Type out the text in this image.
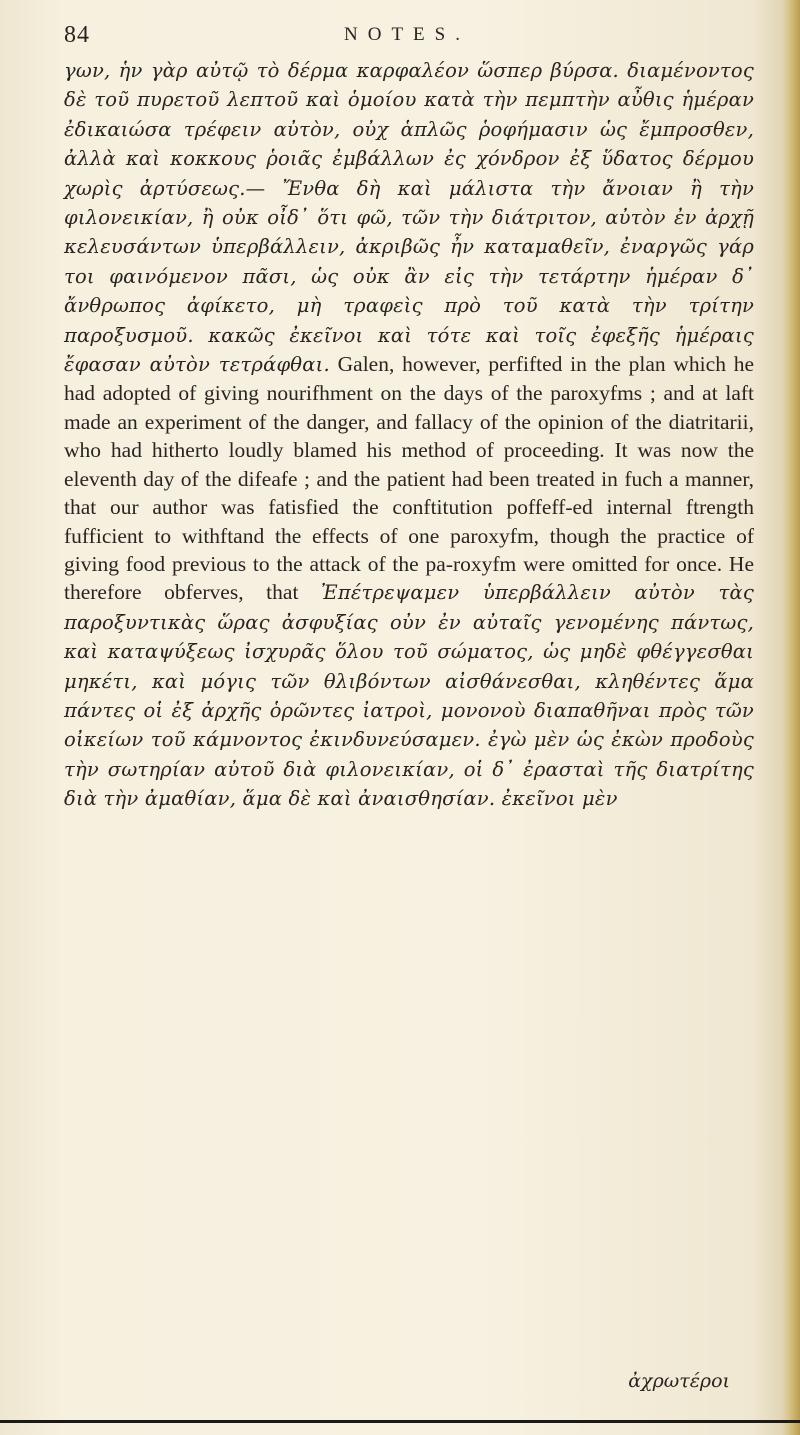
84	NOTES.
γων, ἡν γὰρ αὐτῷ τὸ δέρμα καρφαλέον ὥσπερ βύρσα. διαμένοντος δὲ τοῦ πυρετοῦ λεπτοῦ καὶ ὁμοίου κατὰ τὴν πεμπτὴν αὖθις ἡμέραν ἐδικαιώσα τρέφειν αὐτὸν, οὐχ ἁπλῶς ῥοφήμασιν ὡς ἔμπροσθεν, ἀλλὰ καὶ κοκκους ῥοιᾶς ἐμβάλλων ἐς χόνδρον ἐξ ὕδατος δέρμου χωρὶς ἀρτύσεως.— Ἔνθα δὴ καὶ μάλιστα τὴν ἄνοιαν ἢ τὴν φιλονεικίαν, ἢ οὐκ οἶδ᾽ ὅτι φῶ, τῶν τὴν διάτριτον, αὐτὸν ἐν ἀρχῇ κελευσάντων ὑπερβάλλειν, ἀκριβῶς ἦν καταμαθεῖν, ἐναργῶς γάρ τοι φαινόμενον πᾶσι, ὡς οὐκ ἂν εἰς τὴν τετάρτην ἡμέραν δ᾽ ἄνθρωπος ἀφίκετο, μὴ τραφεὶς πρὸ τοῦ κατὰ τὴν τρίτην παροξυσμοῦ. κακῶς ἐκεῖνοι καὶ τότε καὶ τοῖς ἐφεξῆς ἡμέραις ἔφασαν αὐτὸν τετράφθαι. Galen, however, perfifted in the plan which he had adopted of giving nourifhment on the days of the paroxyfms ; and at laft made an experiment of the danger, and fallacy of the opinion of the diatritarii, who had hitherto loudly blamed his method of proceeding. It was now the eleventh day of the difeafe ; and the patient had been treated in fuch a manner, that our author was fatisfied the conftitution poffeff-ed internal ftrength fufficient to withftand the effects of one paroxyfm, though the practice of giving food previous to the attack of the pa-roxyfm were omitted for once. He therefore obferves, that Ἐπέτρεψαμεν ὑπερβάλλειν αὐτὸν τὰς παροξυντικὰς ὥρας ἀσφυξίας οὐν ἐν αὐταῖς γενομένης πάντως, καὶ καταψύξεως ἰσχυρᾶς ὅλου τοῦ σώματος, ὡς μηδὲ φθέγγεσθαι μηκέτι, καὶ μόγις τῶν θλιβόντων αἰσθάνεσθαι, κληθέντες ἅμα πάντες οἱ ἐξ ἀρχῆς ὁρῶντες ἰατροὶ, μονονοὺ διαπαθῆναι πρὸς τῶν οἰκείων τοῦ κάμνοντος ἐκινδυνεύσαμεν. ἐγὼ μὲν ὡς ἐκὼν προδοὺς τὴν σωτηρίαν αὐτοῦ διὰ φιλονεικίαν, οἱ δ᾽ ἐρασταὶ τῆς διατρίτης διὰ τὴν ἀμαθίαν, ἅμα δὲ καὶ ἀναισθησίαν. ἐκεῖνοι μὲν
ἀχρωτέροι
